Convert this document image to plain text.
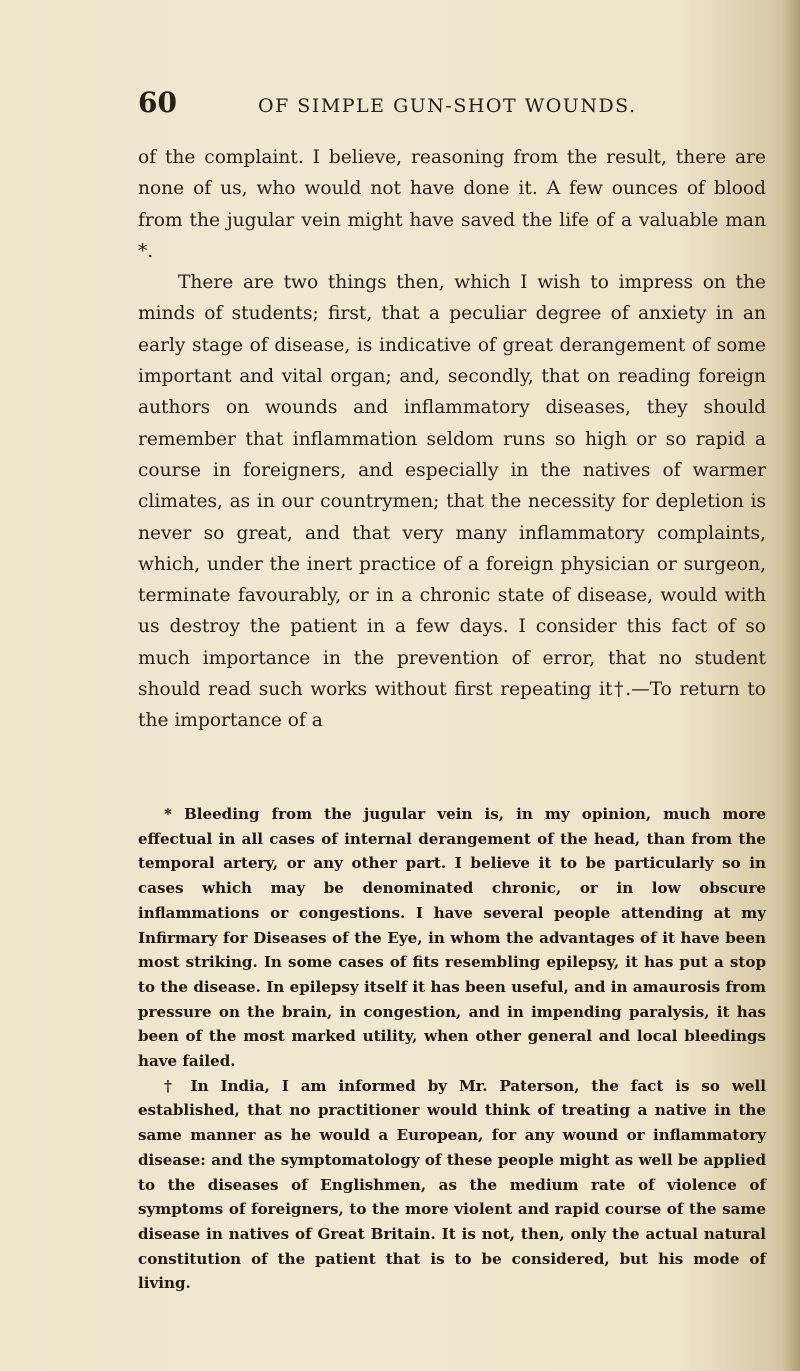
60	OF SIMPLE GUN-SHOT WOUNDS.

of the complaint. I believe, reasoning from the result, there are none of us, who would not have done it. A few ounces of blood from the jugular vein might have saved the life of a valuable man *.

There are two things then, which I wish to impress on the minds of students; first, that a peculiar degree of anxiety in an early stage of disease, is indicative of great derangement of some important and vital organ; and, secondly, that on reading foreign authors on wounds and inflammatory diseases, they should remember that inflammation seldom runs so high or so rapid a course in foreigners, and especially in the natives of warmer climates, as in our countrymen; that the necessity for depletion is never so great, and that very many inflammatory complaints, which, under the inert practice of a foreign physician or surgeon, terminate favourably, or in a chronic state of disease, would with us destroy the patient in a few days. I consider this fact of so much importance in the prevention of error, that no student should read such works without first repeating it†.—To return to the importance of a

* Bleeding from the jugular vein is, in my opinion, much more effectual in all cases of internal derangement of the head, than from the temporal artery, or any other part. I believe it to be particularly so in cases which may be denominated chronic, or in low obscure inflammations or congestions. I have several people attending at my Infirmary for Diseases of the Eye, in whom the advantages of it have been most striking. In some cases of fits resembling epilepsy, it has put a stop to the disease. In epilepsy itself it has been useful, and in amaurosis from pressure on the brain, in congestion, and in impending paralysis, it has been of the most marked utility, when other general and local bleedings have failed.

† In India, I am informed by Mr. Paterson, the fact is so well established, that no practitioner would think of treating a native in the same manner as he would a European, for any wound or inflammatory disease: and the symptomatology of these people might as well be applied to the diseases of Englishmen, as the medium rate of violence of symptoms of foreigners, to the more violent and rapid course of the same disease in natives of Great Britain. It is not, then, only the actual natural constitution of the patient that is to be considered, but his mode of living.
